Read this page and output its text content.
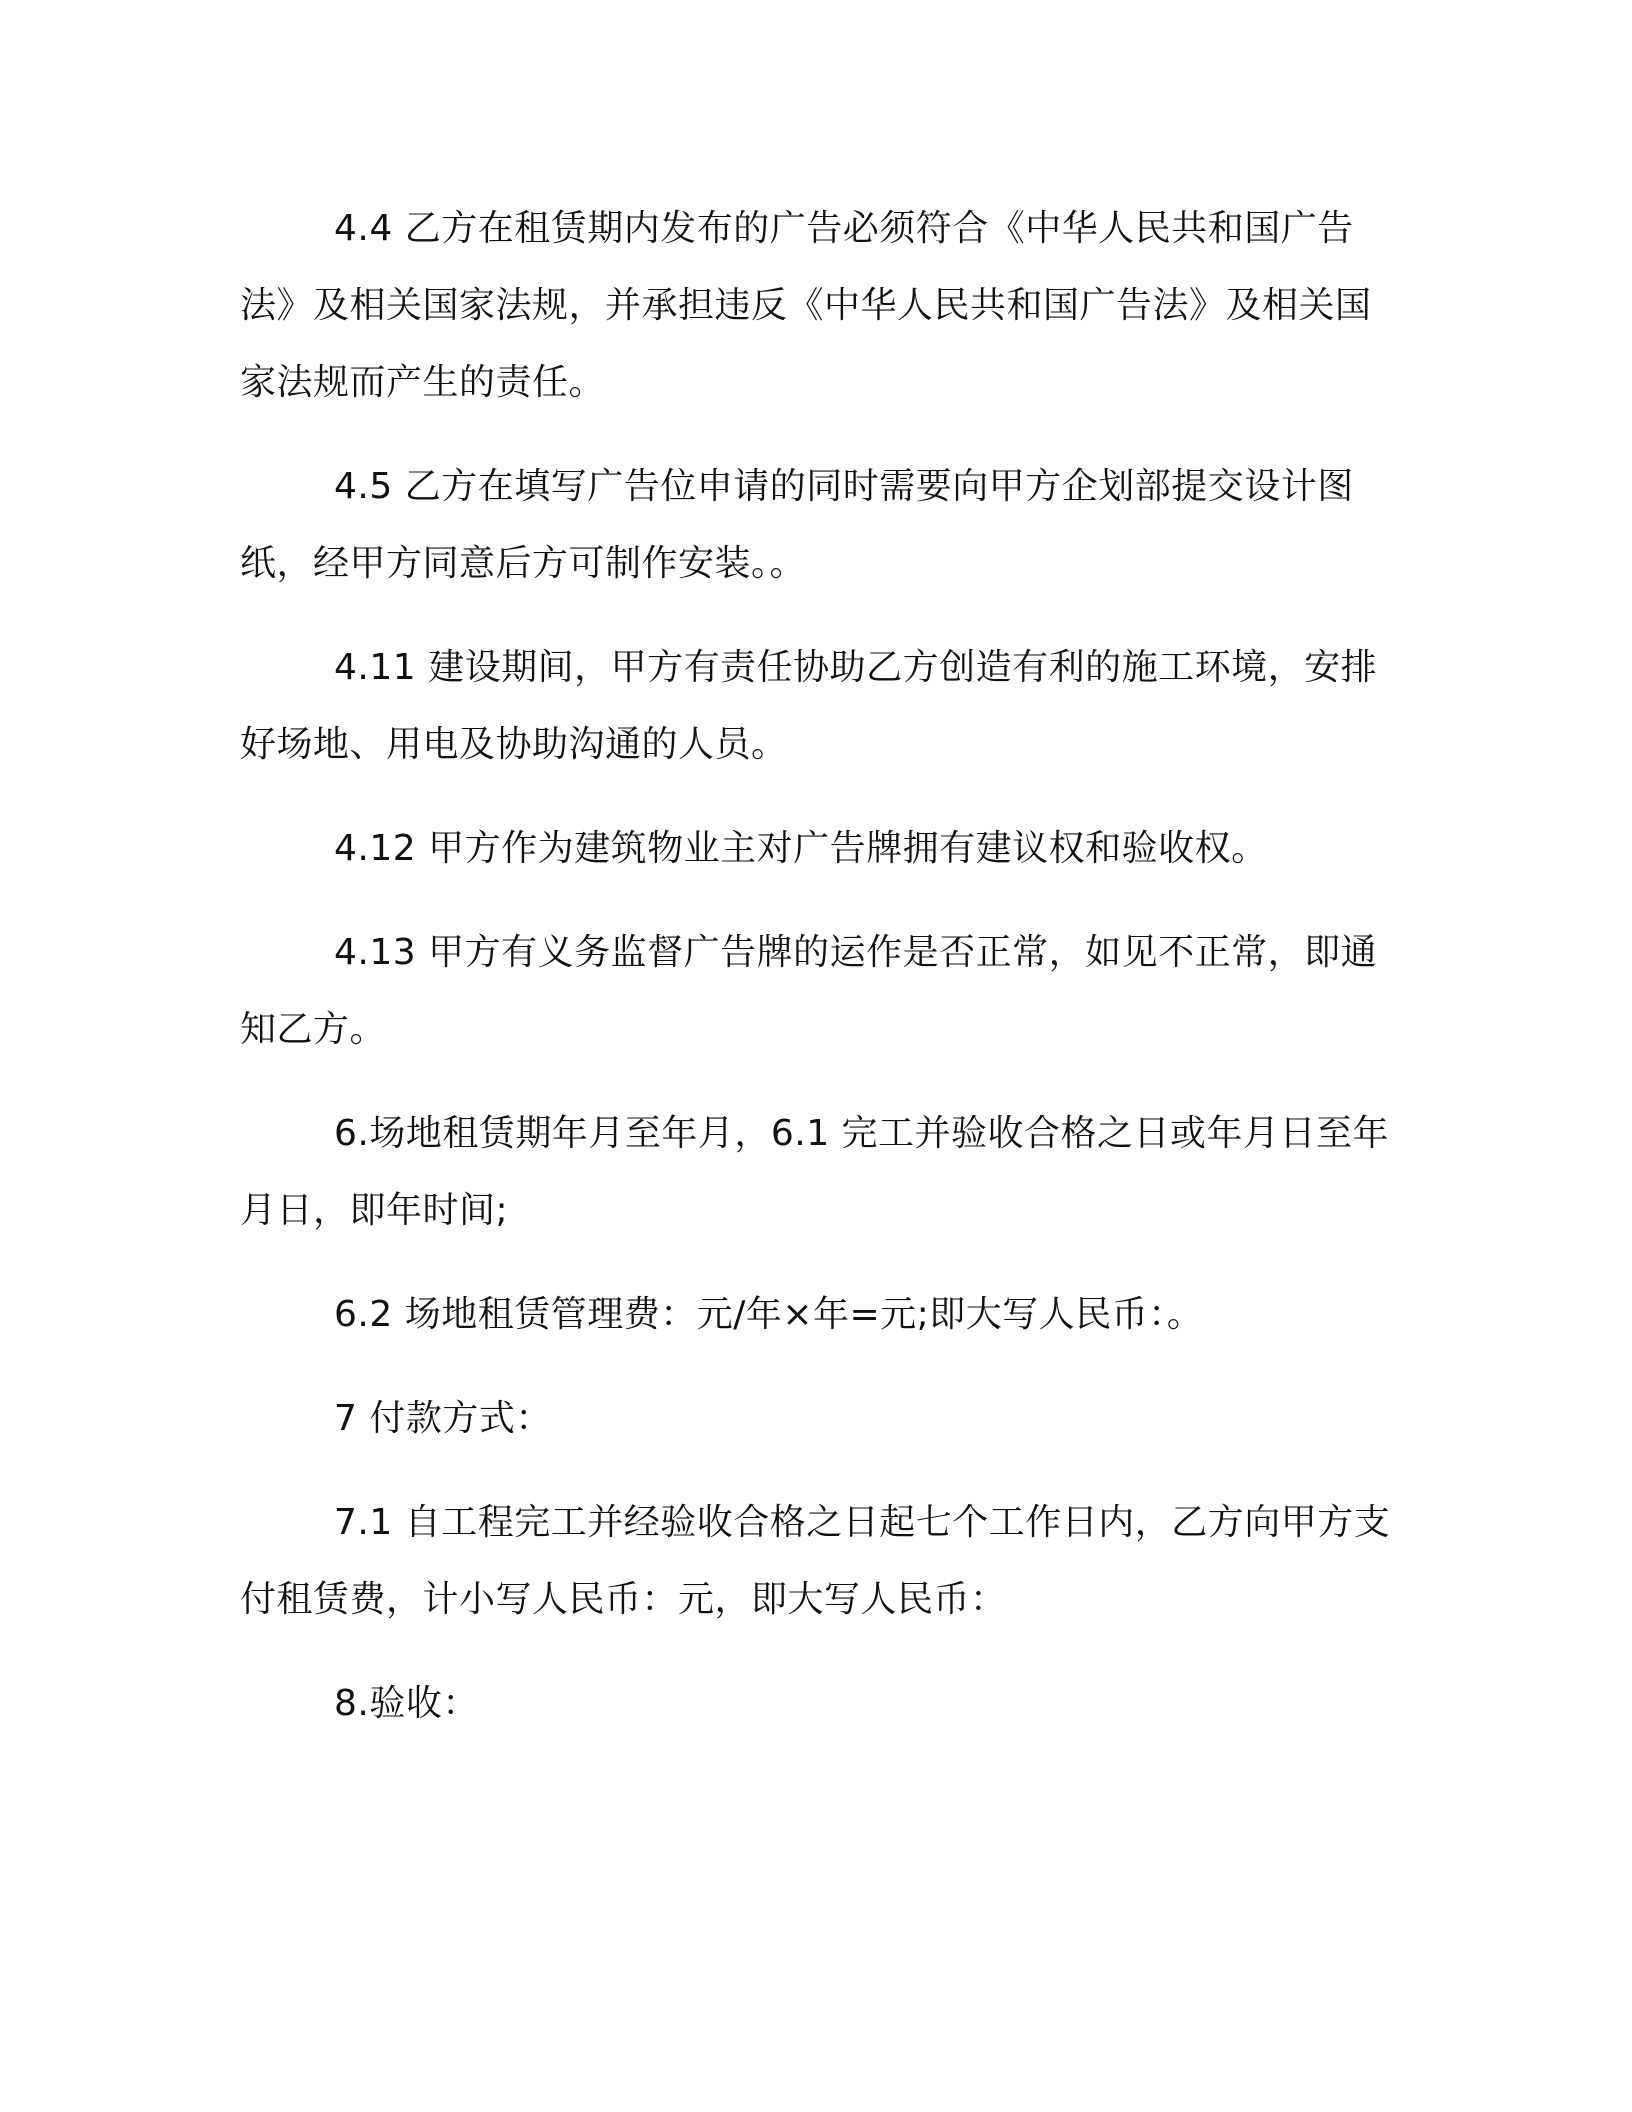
4.4 乙方在租赁期内发布的广告必须符合《中华人民共和国广告法》及相关国家法规，并承担违反《中华人民共和国广告法》及相关国家法规而产生的责任。

4.5 乙方在填写广告位申请的同时需要向甲方企划部提交设计图纸，经甲方同意后方可制作安装。。

4.11 建设期间，甲方有责任协助乙方创造有利的施工环境，安排好场地、用电及协助沟通的人员。

4.12 甲方作为建筑物业主对广告牌拥有建议权和验收权。

4.13 甲方有义务监督广告牌的运作是否正常，如见不正常，即通知乙方。

6.场地租赁期年月至年月，6.1 完工并验收合格之日或年月日至年月日，即年时间;

6.2 场地租赁管理费：元/年×年=元;即大写人民币：。

7 付款方式：

7.1 自工程完工并经验收合格之日起七个工作日内，乙方向甲方支付租赁费，计小写人民币：元，即大写人民币：

8.验收：
